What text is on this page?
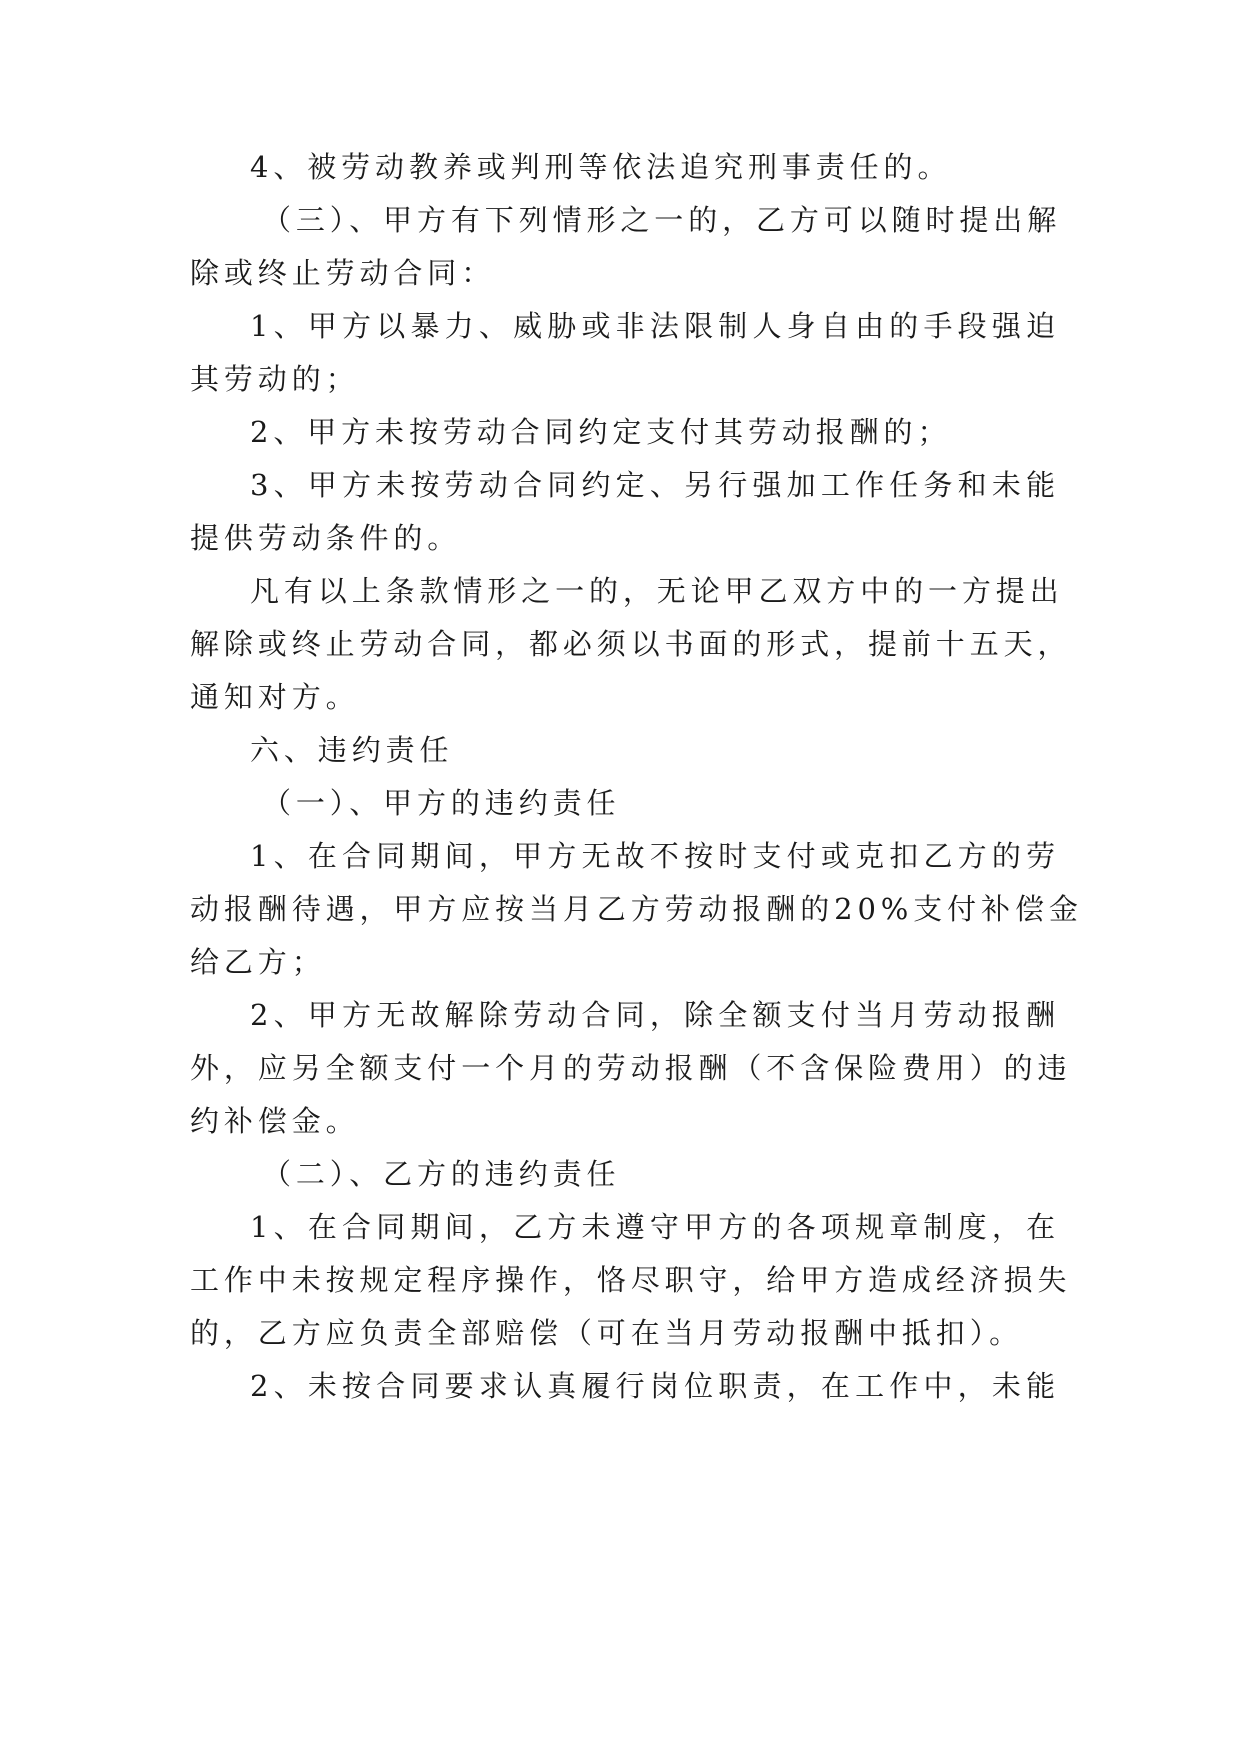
4、被劳动教养或判刑等依法追究刑事责任的。

（三）、甲方有下列情形之一的，乙方可以随时提出解

除或终止劳动合同：

1、甲方以暴力、威胁或非法限制人身自由的手段强迫

其劳动的；

2、甲方未按劳动合同约定支付其劳动报酬的；

3、甲方未按劳动合同约定、另行强加工作任务和未能

提供劳动条件的。

凡有以上条款情形之一的，无论甲乙双方中的一方提出

解除或终止劳动合同，都必须以书面的形式，提前十五天，

通知对方。

六、违约责任

（一）、甲方的违约责任

1、在合同期间，甲方无故不按时支付或克扣乙方的劳

动报酬待遇，甲方应按当月乙方劳动报酬的20%支付补偿金

给乙方；

2、甲方无故解除劳动合同，除全额支付当月劳动报酬

外，应另全额支付一个月的劳动报酬（不含保险费用）的违

约补偿金。

（二）、乙方的违约责任

1、在合同期间，乙方未遵守甲方的各项规章制度，在

工作中未按规定程序操作，恪尽职守，给甲方造成经济损失

的，乙方应负责全部赔偿（可在当月劳动报酬中抵扣）。

2、未按合同要求认真履行岗位职责，在工作中，未能
